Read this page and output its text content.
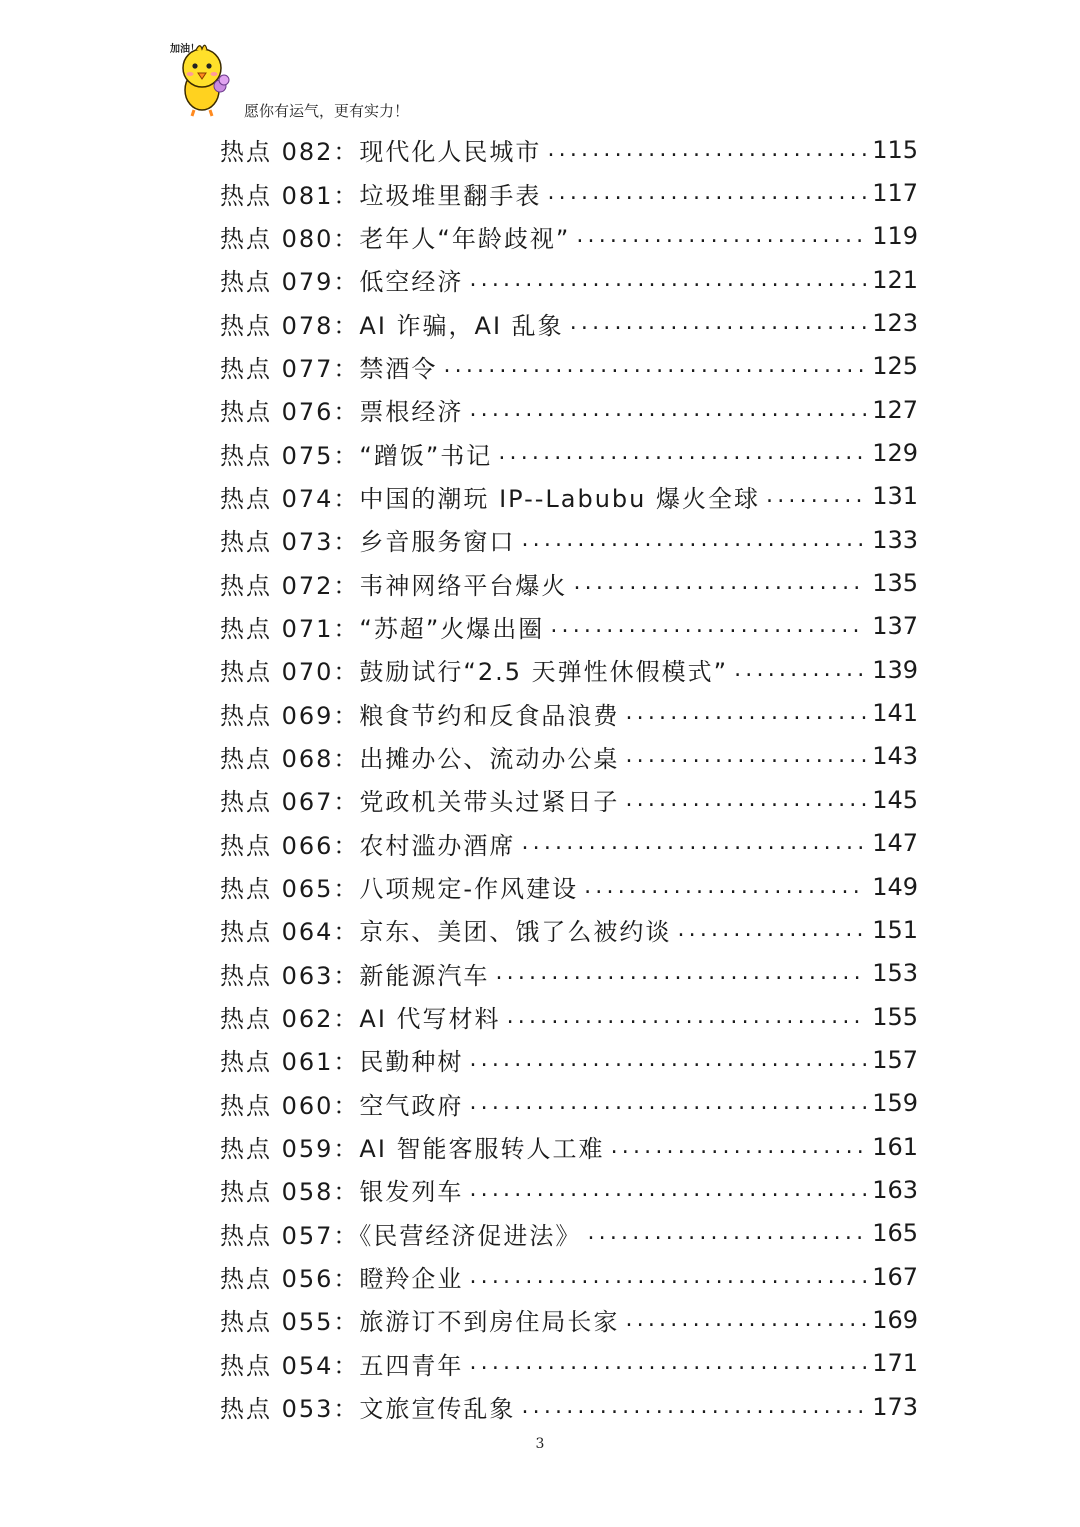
加油！
愿你有运气，更有实力！
热点 082：现代化人民城市 .....	115
热点 081：垃圾堆里翻手表 .....	117
热点 080：老年人“年龄歧视” .....	119
热点 079：低空经济 .....	121
热点 078：AI 诈骗，AI 乱象 .....	123
热点 077：禁酒令 .....	125
热点 076：票根经济 .....	127
热点 075：“蹭饭”书记 .....	129
热点 074：中国的潮玩 IP--Labubu 爆火全球 .....	131
热点 073：乡音服务窗口 .....	133
热点 072：韦神网络平台爆火 .....	135
热点 071：“苏超”火爆出圈 .....	137
热点 070：鼓励试行“2.5 天弹性休假模式” .....	139
热点 069：粮食节约和反食品浪费 .....	141
热点 068：出摊办公、流动办公桌 .....	143
热点 067：党政机关带头过紧日子 .....	145
热点 066：农村滥办酒席 .....	147
热点 065：八项规定-作风建设 .....	149
热点 064：京东、美团、饿了么被约谈 .....	151
热点 063：新能源汽车 .....	153
热点 062：AI 代写材料 .....	155
热点 061：民勤种树 .....	157
热点 060：空气政府 .....	159
热点 059：AI 智能客服转人工难 .....	161
热点 058：银发列车 .....	163
热点 057：《民营经济促进法》 .....	165
热点 056：瞪羚企业 .....	167
热点 055：旅游订不到房住局长家 .....	169
热点 054：五四青年 .....	171
热点 053：文旅宣传乱象 .....	173
3
